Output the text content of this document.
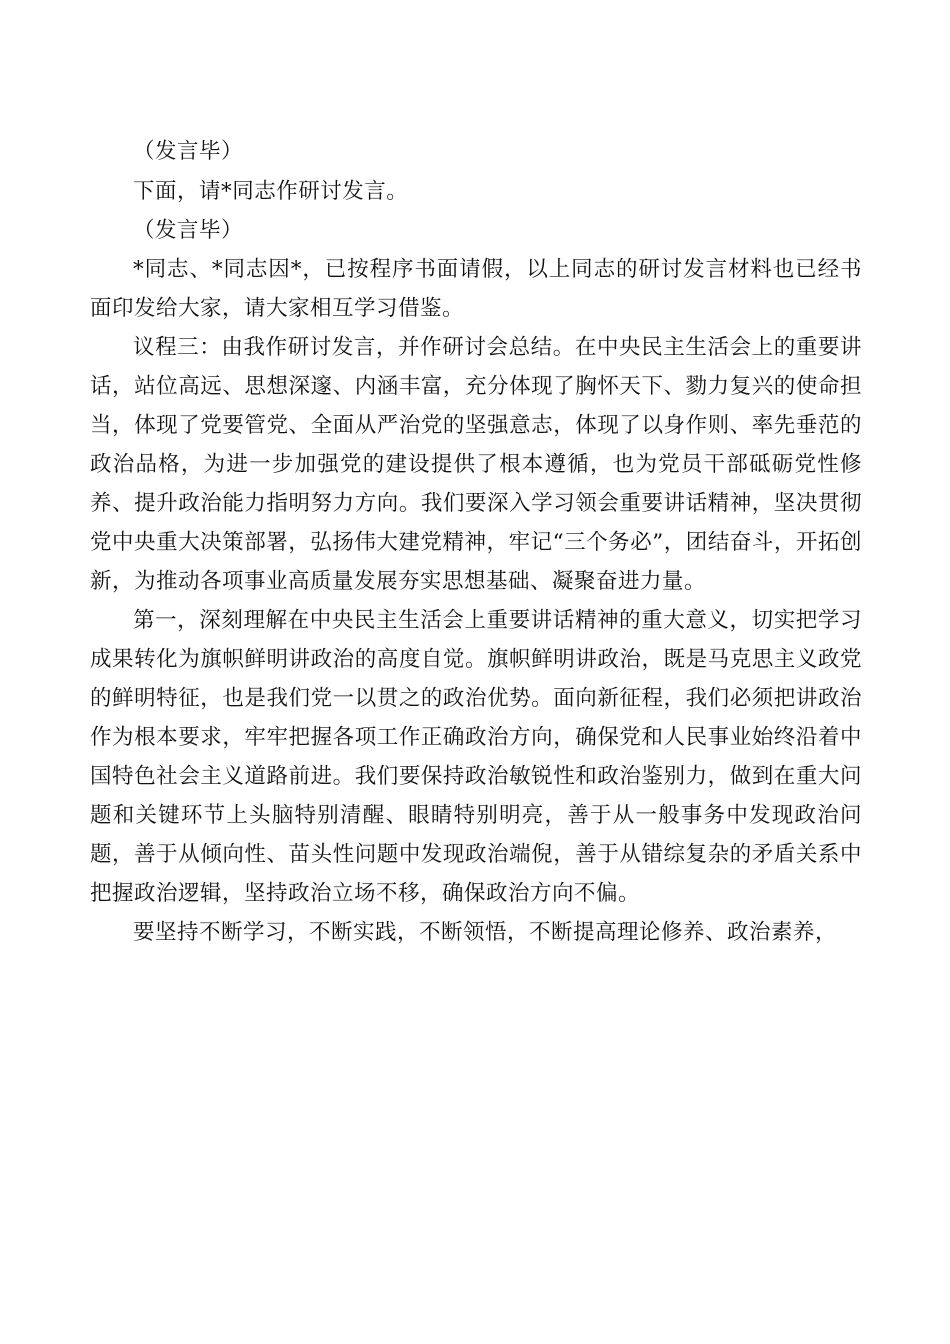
（发言毕）

下面，请*同志作研讨发言。

（发言毕）

*同志、*同志因*，已按程序书面请假，以上同志的研讨发言材料也已经书面印发给大家，请大家相互学习借鉴。

议程三：由我作研讨发言，并作研讨会总结。在中央民主生活会上的重要讲话，站位高远、思想深邃、内涵丰富，充分体现了胸怀天下、勠力复兴的使命担当，体现了党要管党、全面从严治党的坚强意志，体现了以身作则、率先垂范的政治品格，为进一步加强党的建设提供了根本遵循，也为党员干部砥砺党性修养、提升政治能力指明努力方向。我们要深入学习领会重要讲话精神，坚决贯彻党中央重大决策部署，弘扬伟大建党精神，牢记“三个务必”，团结奋斗，开拓创新，为推动各项事业高质量发展夯实思想基础、凝聚奋进力量。

第一，深刻理解在中央民主生活会上重要讲话精神的重大意义，切实把学习成果转化为旗帜鲜明讲政治的高度自觉。旗帜鲜明讲政治，既是马克思主义政党的鲜明特征，也是我们党一以贯之的政治优势。面向新征程，我们必须把讲政治作为根本要求，牢牢把握各项工作正确政治方向，确保党和人民事业始终沿着中国特色社会主义道路前进。我们要保持政治敏锐性和政治鉴别力，做到在重大问题和关键环节上头脑特别清醒、眼睛特别明亮，善于从一般事务中发现政治问题，善于从倾向性、苗头性问题中发现政治端倪，善于从错综复杂的矛盾关系中把握政治逻辑，坚持政治立场不移，确保政治方向不偏。

要坚持不断学习，不断实践，不断领悟，不断提高理论修养、政治素养，
